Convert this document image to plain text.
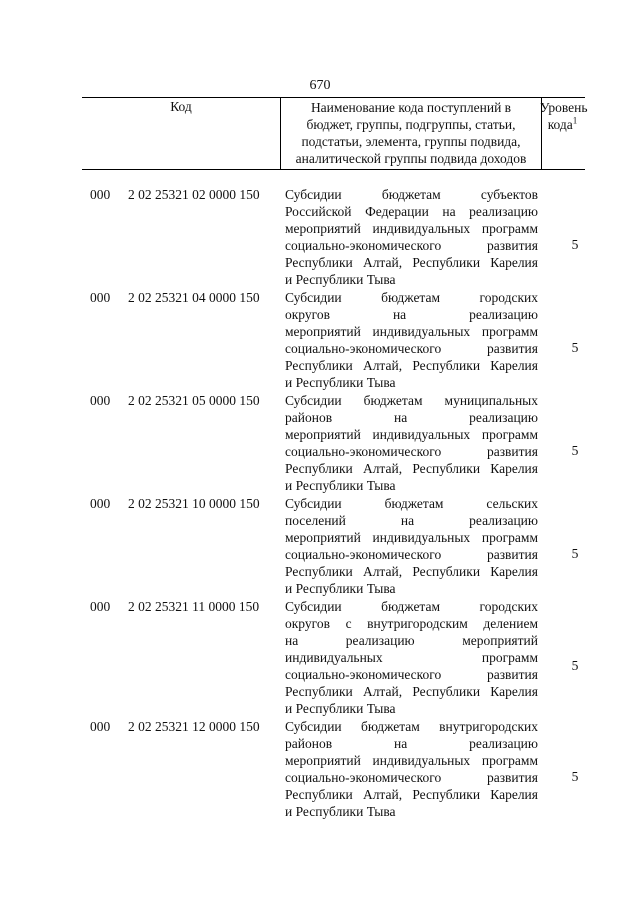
670
Код	Наименование кода поступлений в
бюджет, группы, подгруппы, статьи,
подстатьи, элемента, группы подвида,
аналитической группы подвида доходов
Уровень
кода$^1$
000 2 02 25321 02 0000 150 Субсидии бюджетам субъектов
Российской Федерации на реализацию
мероприятий индивидуальных программ
социально-экономического развития
Республики Алтай, Республики Карелия
и Республики Тыва
5
000 2 02 25321 04 0000 150 Субсидии бюджетам городских
округов на реализацию
мероприятий индивидуальных программ
социально-экономического развития
Республики Алтай, Республики Карелия
и Республики Тыва
5
000 2 02 25321 05 0000 150 Субсидии бюджетам муниципальных
районов на реализацию
мероприятий индивидуальных программ
социально-экономического развития
Республики Алтай, Республики Карелия
и Республики Тыва
5
000 2 02 25321 10 0000 150 Субсидии бюджетам сельских
поселений на реализацию
мероприятий индивидуальных программ
социально-экономического развития
Республики Алтай, Республики Карелия
и Республики Тыва
5
000 2 02 25321 11 0000 150 Субсидии бюджетам городских
округов с внутригородским делением
на реализацию мероприятий
индивидуальных программ
социально-экономического развития
Республики Алтай, Республики Карелия
и Республики Тыва
5
000 2 02 25321 12 0000 150 Субсидии бюджетам внутригородских
районов на реализацию
мероприятий индивидуальных программ
социально-экономического развития
Республики Алтай, Республики Карелия
и Республики Тыва
5
